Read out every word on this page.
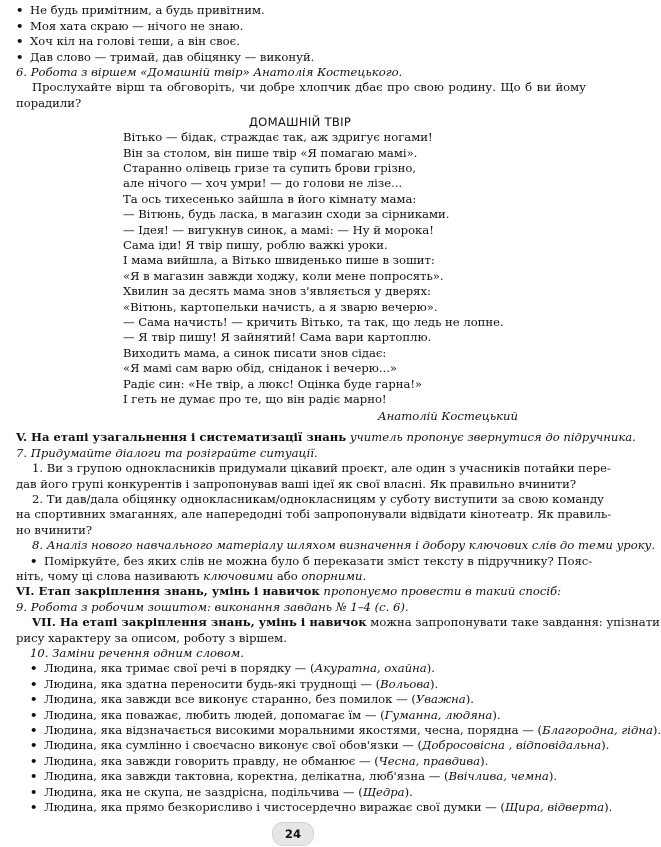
• Не будь примітним, а будь привітним.
• Моя хата скраю — нічого не знаю.
• Хоч кіл на голові теши, а він своє.
• Дав слово — тримай, дав обіцянку — виконуй.
6. Робота з віршем «Домашній твір» Анатолія Костецького.
Прослухайте вірш та обговоріть, чи добре хлопчик дбає про свою родину. Що б ви йому
порадили?
ДОМАШНІЙ ТВІР
Вітько — бідак, страждає так, аж здригує ногами!
Він за столом, він пише твір «Я помагаю мамі».
Старанно олівець гризе та супить брови грізно,
але нічого — хоч умри! — до голови не лізе...
Та ось тихесенько зайшла в його кімнату мама:
— Вітюнь, будь ласка, в магазин сходи за сірниками.
— Ідея! — вигукнув синок, а мамі: — Ну й морока!
Сама іди! Я твір пишу, роблю важкі уроки.
І мама вийшла, а Вітько швиденько пише в зошит:
«Я в магазин завжди ходжу, коли мене попросять».
Хвилин за десять мама знов з'являється у дверях:
«Вітюнь, картопельки начисть, а я зварю вечерю».
— Сама начисть! — кричить Вітько, та так, що ледь не лопне.
— Я твір пишу! Я зайнятий! Сама вари картоплю.
Виходить мама, а синок писати знов сідає:
«Я мамі сам варю обід, сніданок і вечерю...»
Радіє син: «Не твір, а люкс! Оцінка буде гарна!»
І геть не думає про те, що він радіє марно!
Анатолій Костецький
V. На етапі узагальнення і систематизації знань учитель пропонує звернутися до підручника.
7. Придумайте діалоги та розіграйте ситуації.
1. Ви з групою однокласників придумали цікавий проєкт, але один з учасників потайки пере-
дав його групі конкурентів і запропонував ваші ідеї як свої власні. Як правильно вчинити?
2. Ти дав/дала обіцянку однокласникам/однокласницям у суботу виступити за свою команду
на спортивних змаганнях, але напередодні тобі запропонували відвідати кінотеатр. Як правиль-
но вчинити?
8. Аналіз нового навчального матеріалу шляхом визначення і добору ключових слів до теми уроку.
• Поміркуйте, без яких слів не можна було б переказати зміст тексту в підручнику? Пояс-
ніть, чому ці слова називають ключовими або опорними.
VI. Етап закріплення знань, умінь і навичок пропонуємо провести в такий спосіб:
9. Робота з робочим зошитом: виконання завдань № 1–4 (с. 6).
VII. На етапі закріплення знань, умінь і навичок можна запропонувати таке завдання: упізнати
рису характеру за описом, роботу з віршем.
10. Заміни речення одним словом.
• Людина, яка тримає свої речі в порядку — (Акуратна, охайна).
• Людина, яка здатна переносити будь-які труднощі — (Вольова).
• Людина, яка завжди все виконує старанно, без помилок — (Уважна).
• Людина, яка поважає, любить людей, допомагає їм — (Гуманна, людяна).
• Людина, яка відзначається високими моральними якостями, чесна, порядна — (Благородна, гідна).
• Людина, яка сумлінно і своєчасно виконує свої обов'язки — (Добросовісна , відповідальна).
• Людина, яка завжди говорить правду, не обманює — (Чесна, правдива).
• Людина, яка завжди тактовна, коректна, делікатна, люб'язна — (Ввічлива, чемна).
• Людина, яка не скупа, не заздрісна, подільчива — (Щедра).
• Людина, яка прямо безкорисливо і чистосердечно виражає свої думки — (Щира, відверта).
24
